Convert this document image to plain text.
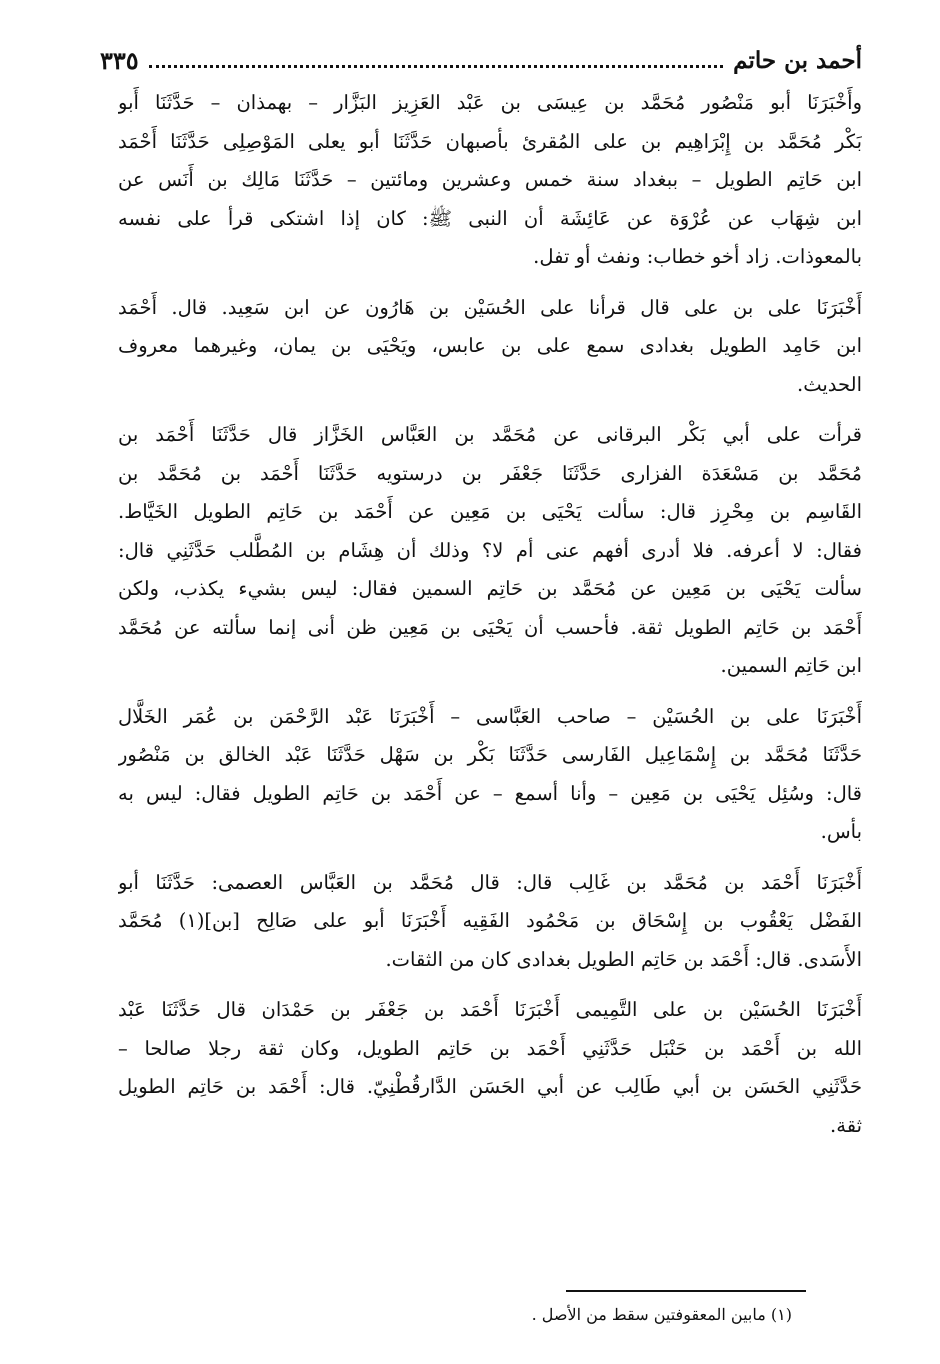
أحمد بن حاتم
٣٣٥
وأَخْبَرَنَا أبو مَنْصُور مُحَمَّد بن عِيسَى بن عَبْد العَزِيز البَزَّار – بهمذان – حَدَّثَنَا أَبو
بَكْر مُحَمَّد بن إِبْرَاهِيم بن على المُقرئ بأصبهان حَدَّثَنَا أبو يعلى المَوْصِلِى حَدَّثَنَا أَحْمَد
ابن حَاتِم الطويل – ببغداد سنة خمس وعشرين ومائتين – حَدَّثَنَا مَالِك بن أَنَس عن
ابن شِهَاب عن عُرْوَة عن عَائِشَة أن النبى ﷺ: كان إذا اشتكى قرأ على نفسه
بالمعوذات. زاد أخو خطاب: ونفث أو تفل.
أَخْبَرَنَا على بن على قال قرأنا على الحُسَيْن بن هَارُون عن ابن سَعِيد. قال. أَحْمَد
ابن حَامِد الطويل بغدادى سمع على بن عابس، ويَحْيَى بن يمان، وغيرهما معروف
الحديث.
قرأت على أبي بَكْر البرقانى عن مُحَمَّد بن العَبَّاس الخَزَّاز قال حَدَّثَنَا أَحْمَد بن
مُحَمَّد بن مَسْعَدَة الفزارى حَدَّثَنَا جَعْفَر بن درستويه حَدَّثَنَا أَحْمَد بن مُحَمَّد بن
القَاسِم بن مِحْرِز قال: سألت يَحْيَى بن مَعِين عن أَحْمَد بن حَاتِم الطويل الخَيَّاط.
فقال: لا أعرفه. فلا أدرى أفهم عنى أم لا؟ وذلك أن هِشَام بن المُطَّلب حَدَّثَنِي قال:
سألت يَحْيَى بن مَعِين عن مُحَمَّد بن حَاتِم السمين فقال: ليس بشيء يكذب، ولكن
أَحْمَد بن حَاتِم الطويل ثقة. فأحسب أن يَحْيَى بن مَعِين ظن أنى إنما سألته عن مُحَمَّد
ابن حَاتِم السمين.
أَخْبَرَنَا على بن الحُسَيْن – صاحب العَبَّاسى – أَخْبَرَنَا عَبْد الرَّحْمَن بن عُمَر الخَلَّال
حَدَّثَنَا مُحَمَّد بن إِسْمَاعِيل الفَارسى حَدَّثَنَا بَكْر بن سَهْل حَدَّثَنَا عَبْد الخالق بن مَنْصُور
قال: وسُئِل يَحْيَى بن مَعِين – وأنا أسمع – عن أَحْمَد بن حَاتِم الطويل فقال: ليس به
بأس.
أَخْبَرَنَا أَحْمَد بن مُحَمَّد بن غَالِب قال: قال مُحَمَّد بن العَبَّاس العصمى: حَدَّثَنَا أبو
الفَضْل يَعْقُوب بن إِسْحَاق بن مَحْمُود الفَقِيه أَخْبَرَنَا أبو على صَالِح [بن](١) مُحَمَّد
الأَسَدى. قال: أَحْمَد بن حَاتِم الطويل بغدادى كان من الثقات.
أَخْبَرَنَا الحُسَيْن بن على التَّمِيمى أَخْبَرَنَا أَحْمَد بن جَعْفَر بن حَمْدَان قال حَدَّثَنَا عَبْد
الله بن أَحْمَد بن حَنْبَل حَدَّثَنِي أَحْمَد بن حَاتِم الطويل، وكان ثقة رجلا صالحا –
حَدَّثَنِي الحَسَن بن أبي طَالِب عن أبي الحَسَن الدَّارقُطْنِيّ. قال: أَحْمَد بن حَاتِم الطويل
ثقة.
(١) مابين المعقوفتين سقط من الأصل .
